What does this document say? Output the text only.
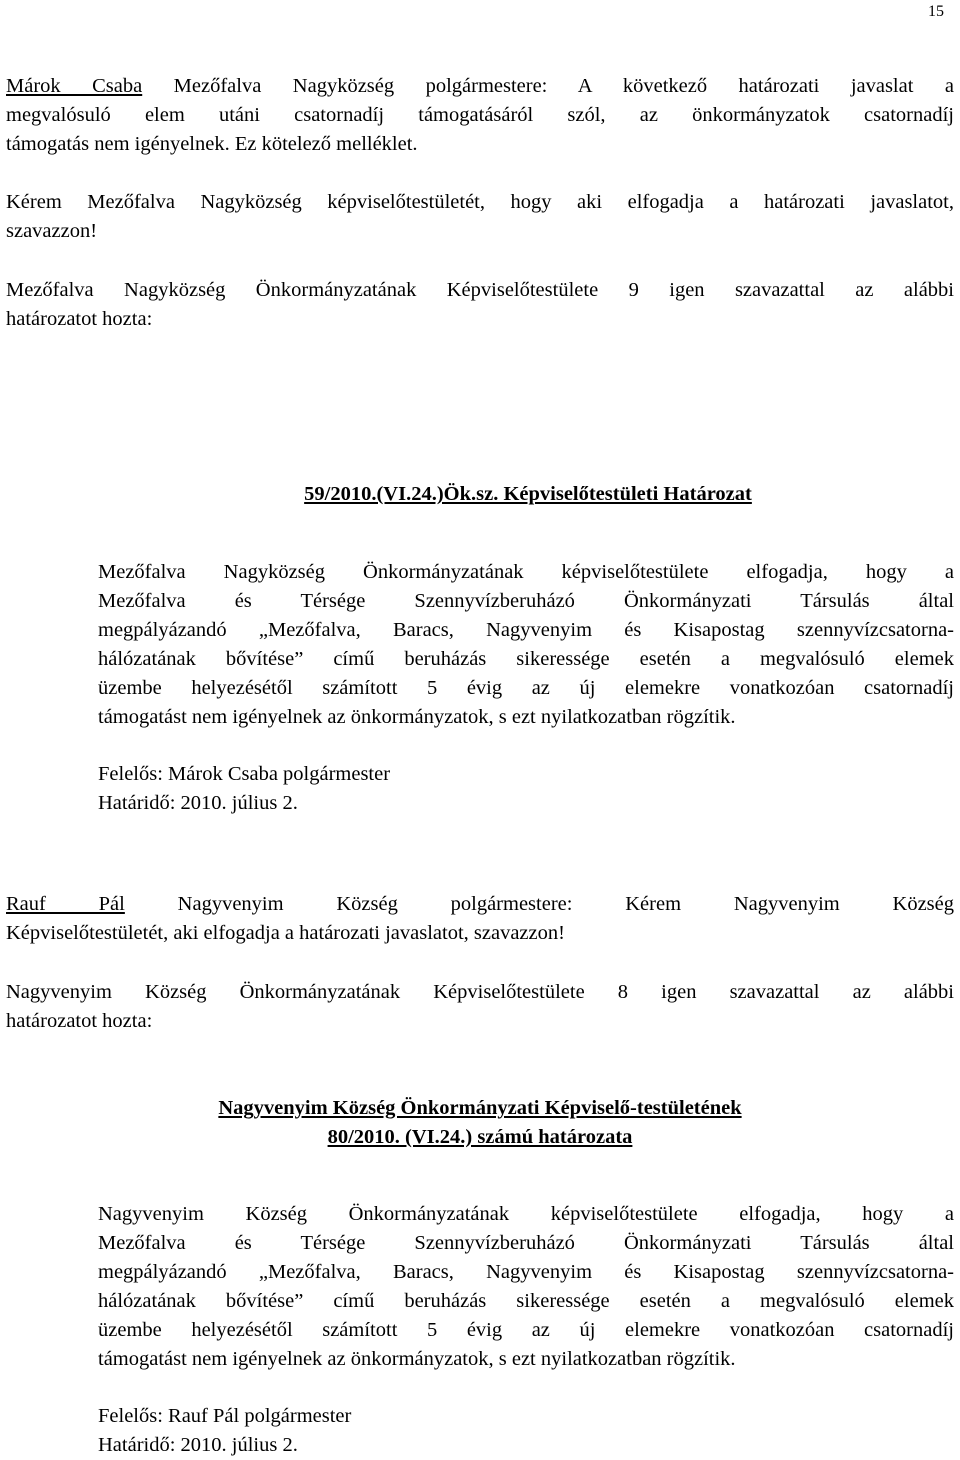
15

Márok Csaba Mezőfalva Nagyközség polgármestere: A következő határozati javaslat a

megvalósuló elem utáni csatornadíj támogatásáról szól, az önkormányzatok csatornadíj

támogatás nem igényelnek. Ez kötelező melléklet.

Kérem Mezőfalva Nagyközség képviselőtestületét, hogy aki elfogadja a határozati javaslatot,

szavazzon!

Mezőfalva Nagyközség Önkormányzatának Képviselőtestülete 9 igen szavazattal az alábbi

határozatot hozta:

59/2010.(VI.24.)Ök.sz. Képviselőtestületi Határozat

Mezőfalva Nagyközség Önkormányzatának képviselőtestülete elfogadja, hogy a

Mezőfalva és Térsége Szennyvízberuházó Önkormányzati Társulás által

megpályázandó „Mezőfalva, Baracs, Nagyvenyim és Kisapostag szennyvízcsatorna-

hálózatának bővítése” című beruházás sikeressége esetén a megvalósuló elemek

üzembe helyezésétől számított 5 évig az új elemekre vonatkozóan csatornadíj

támogatást nem igényelnek az önkormányzatok, s ezt nyilatkozatban rögzítik.

Felelős: Márok Csaba polgármester

Határidő: 2010. július 2.

Rauf Pál Nagyvenyim Község polgármestere: Kérem Nagyvenyim Község

Képviselőtestületét, aki elfogadja a határozati javaslatot, szavazzon!

Nagyvenyim Község Önkormányzatának Képviselőtestülete 8 igen szavazattal az alábbi

határozatot hozta:

Nagyvenyim Község Önkormányzati Képviselő-testületének

80/2010. (VI.24.) számú határozata

Nagyvenyim Község Önkormányzatának képviselőtestülete elfogadja, hogy a

Mezőfalva és Térsége Szennyvízberuházó Önkormányzati Társulás által

megpályázandó „Mezőfalva, Baracs, Nagyvenyim és Kisapostag szennyvízcsatorna-

hálózatának bővítése” című beruházás sikeressége esetén a megvalósuló elemek

üzembe helyezésétől számított 5 évig az új elemekre vonatkozóan csatornadíj

támogatást nem igényelnek az önkormányzatok, s ezt nyilatkozatban rögzítik.

Felelős: Rauf Pál polgármester

Határidő: 2010. július 2.
